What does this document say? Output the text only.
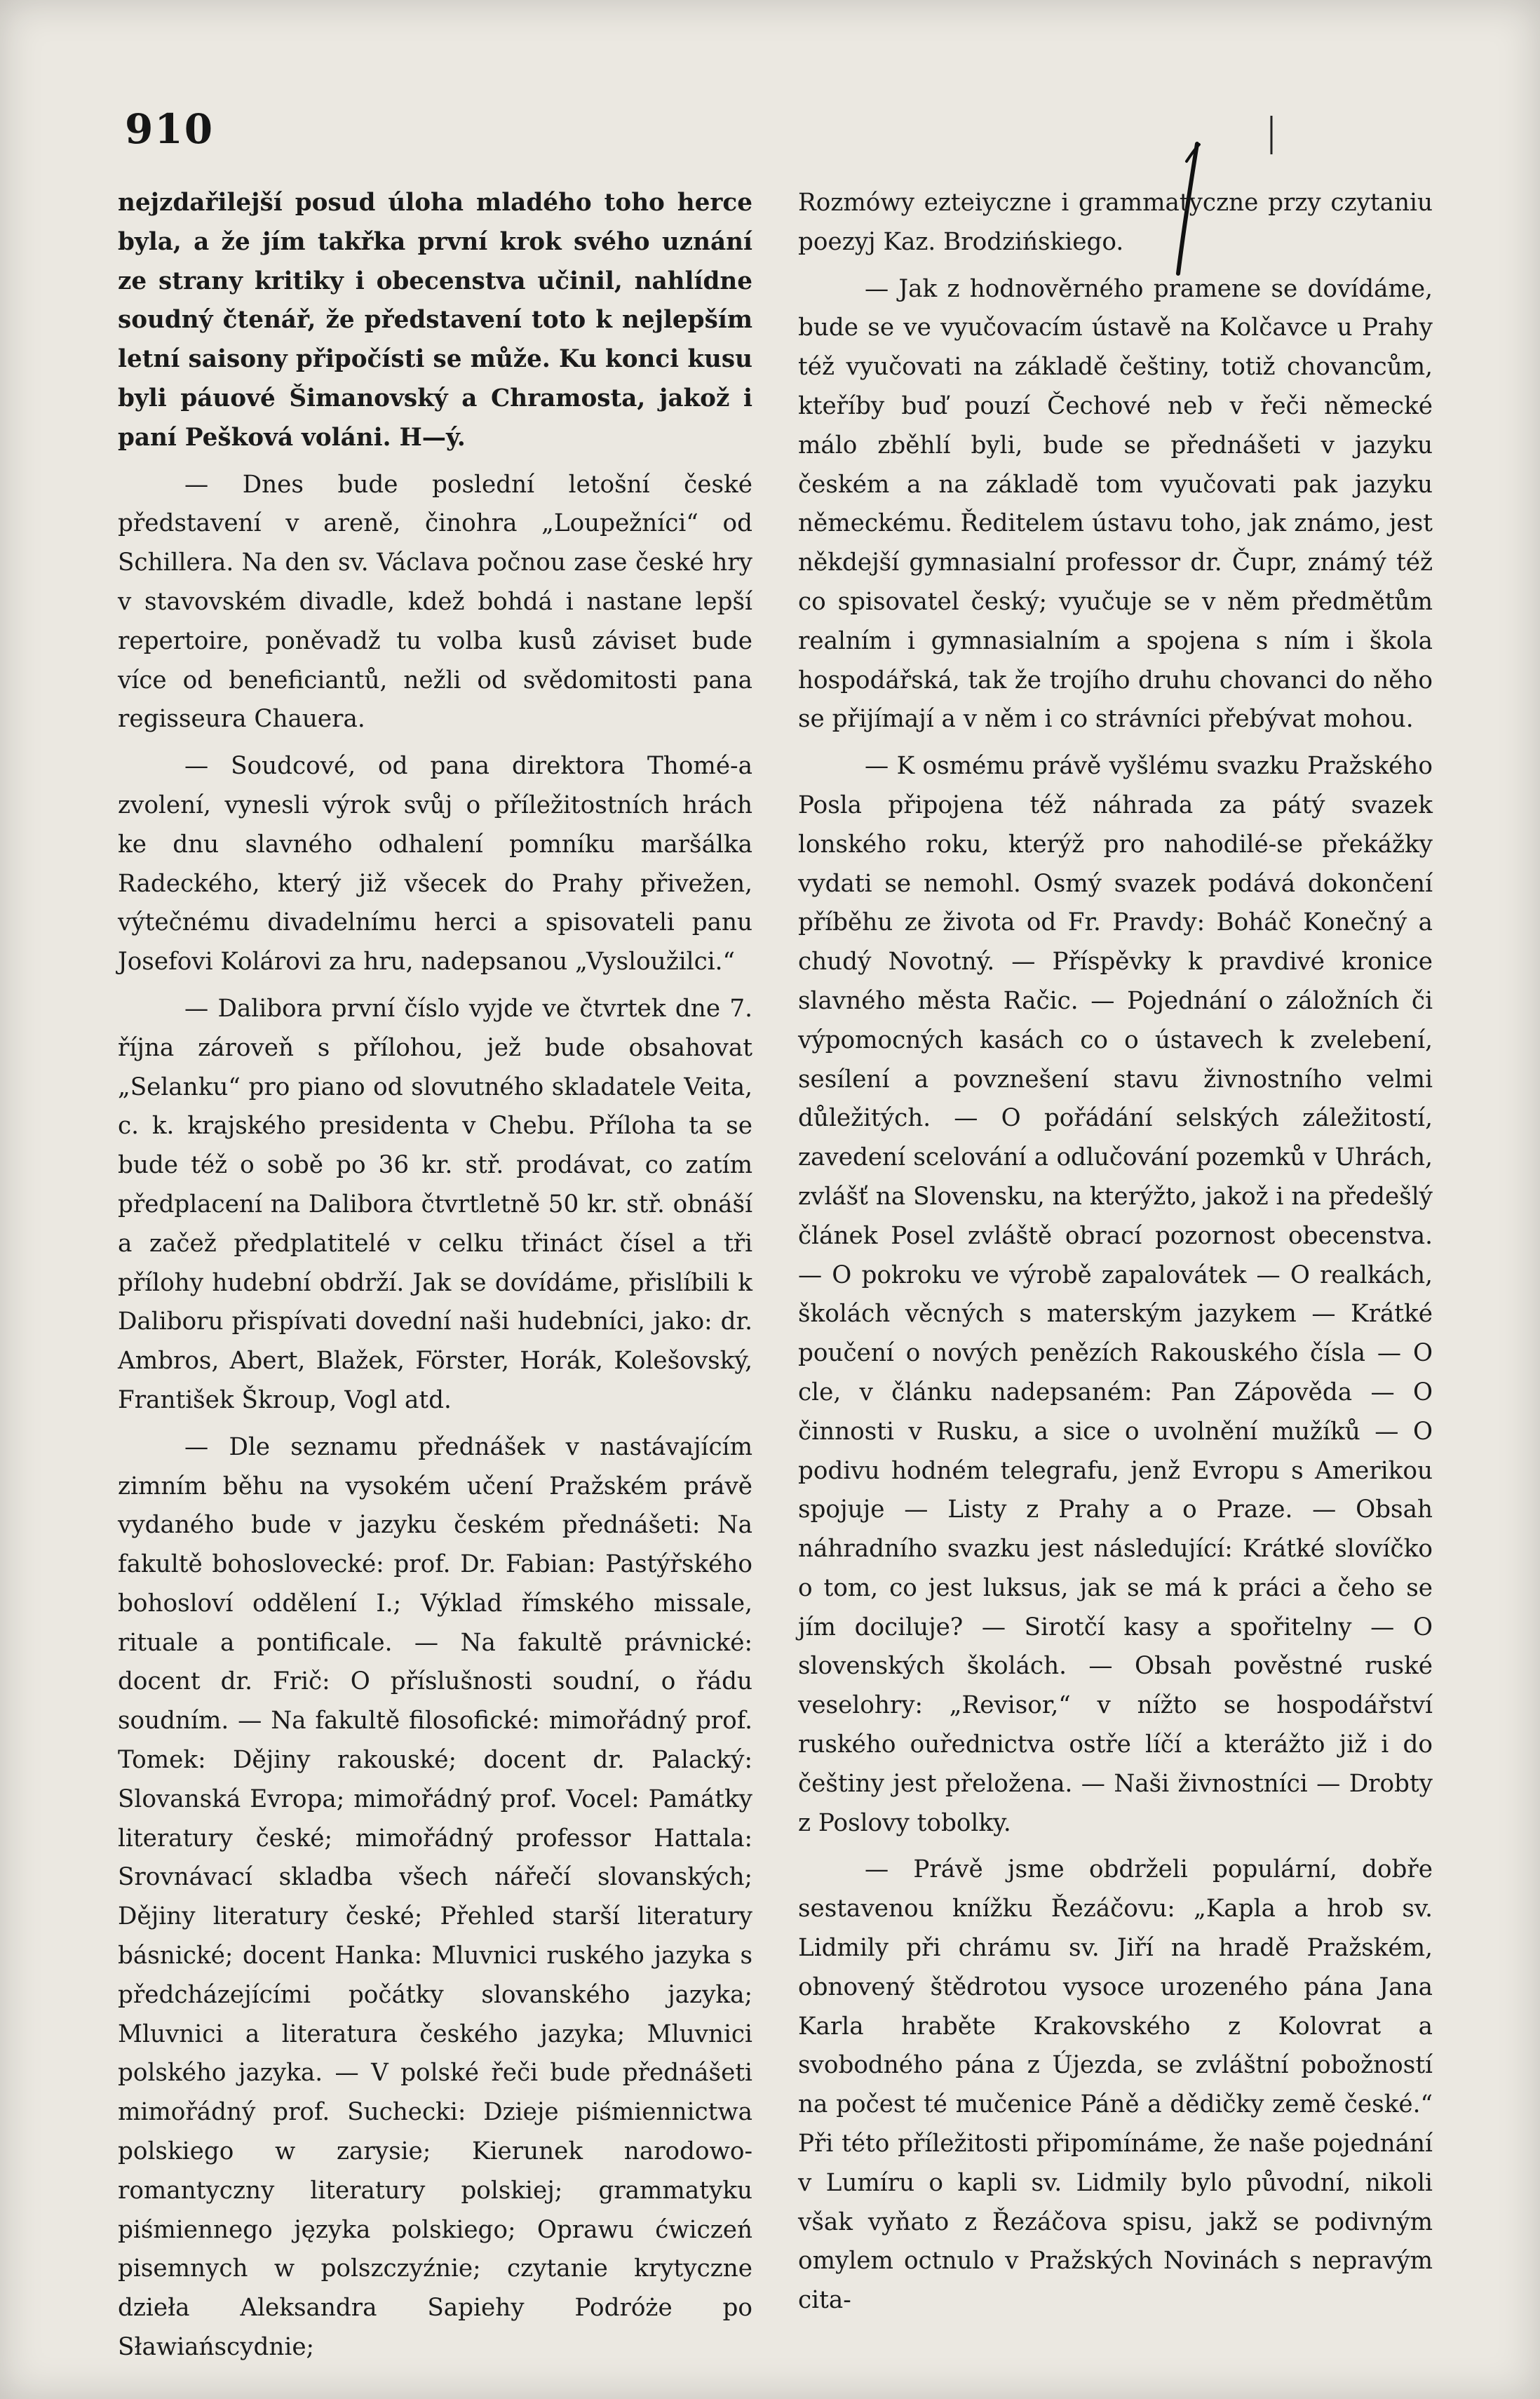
910

nejzdařilejší posud úloha mladého toho herce byla, a že jím takřka první krok svého uznání ze strany kritiky i obecenstva učinil, nahlídne soudný čtenář, že představení toto k nejlepším letní saisony připočísti se může. Ku konci kusu byli páuové Šimanovský a Chramosta, jakož i paní Pešková voláni. H—ý.

— Dnes bude poslední letošní české představení v areně, činohra „Loupežníci“ od Schillera. Na den sv. Václava počnou zase české hry v stavovském divadle, kdež bohdá i nastane lepší repertoire, poněvadž tu volba kusů záviset bude více od beneficiantů, nežli od svědomitosti pana regisseura Chauera.

— Soudcové, od pana direktora Thomé-a zvolení, vynesli výrok svůj o příležitostních hrách ke dnu slavného odhalení pomníku maršálka Radeckého, který již všecek do Prahy přivežen, výtečnému divadelnímu herci a spisovateli panu Josefovi Kolárovi za hru, nadepsanou „Vysloužilci.“

— Dalibora první číslo vyjde ve čtvrtek dne 7. října zároveň s přílohou, jež bude obsahovat „Selanku“ pro piano od slovutného skladatele Veita, c. k. krajského presidenta v Chebu. Příloha ta se bude též o sobě po 36 kr. stř. prodávat, co zatím předplacení na Dalibora čtvrtletně 50 kr. stř. obnáší a začež předplatitelé v celku třináct čísel a tři přílohy hudební obdrží. Jak se dovídáme, přislíbili k Daliboru přispívati dovední naši hudebníci, jako: dr. Ambros, Abert, Blažek, Förster, Horák, Kolešovský, František Škroup, Vogl atd.

— Dle seznamu přednášek v nastávajícím zimním běhu na vysokém učení Pražském právě vydaného bude v jazyku českém přednášeti: Na fakultě bohoslovecké: prof. Dr. Fabian: Pastýřského bohosloví oddělení I.; Výklad římského missale, rituale a pontificale. — Na fakultě právnické: docent dr. Frič: O příslušnosti soudní, o řádu soudním. — Na fakultě filosofické: mimořádný prof. Tomek: Dějiny rakouské; docent dr. Palacký: Slovanská Evropa; mimořádný prof. Vocel: Památky literatury české; mimořádný professor Hattala: Srovnávací skladba všech nářečí slovanských; Dějiny literatury české; Přehled starší literatury básnické; docent Hanka: Mluvnici ruského jazyka s předcházejícími počátky slovanského jazyka; Mluvnici a literatura českého jazyka; Mluvnici polského jazyka. — V polské řeči bude přednášeti mimořádný prof. Suchecki: Dzieje piśmiennictwa polskiego w zarysie; Kierunek narodowo-romantyczny literatury polskiej; grammatyku piśmiennego języka polskiego; Oprawu ćwiczeń pisemnych w polszczyźnie; czytanie krytyczne dzieła Aleksandra Sapiehy Podróże po Sławiańscydnie;

Rozmówy ezteiyczne i grammatyczne przy czytaniu poezyj Kaz. Brodzińskiego.

— Jak z hodnověrného pramene se dovídáme, bude se ve vyučovacím ústavě na Kolčavce u Prahy též vyučovati na základě češtiny, totiž chovancům, kteříby buď pouzí Čechové neb v řeči německé málo zběhlí byli, bude se přednášeti v jazyku českém a na základě tom vyučovati pak jazyku německému. Ředitelem ústavu toho, jak známo, jest někdejší gymnasialní professor dr. Čupr, známý též co spisovatel český; vyučuje se v něm předmětům realním i gymnasialním a spojena s ním i škola hospodářská, tak že trojího druhu chovanci do něho se přijímají a v něm i co strávníci přebývat mohou.

— K osmému právě vyšlému svazku Pražského Posla připojena též náhrada za pátý svazek lonského roku, kterýž pro nahodilé-se překážky vydati se nemohl. Osmý svazek podává dokončení příběhu ze života od Fr. Pravdy: Boháč Konečný a chudý Novotný. — Příspěvky k pravdivé kronice slavného města Račic. — Pojednání o záložních či výpomocných kasách co o ústavech k zvelebení, sesílení a povznešení stavu živnostního velmi důležitých. — O pořádání selských záležitostí, zavedení scelování a odlučování pozemků v Uhrách, zvlášť na Slovensku, na kterýžto, jakož i na předešlý článek Posel zvláště obrací pozornost obecenstva. — O pokroku ve výrobě zapalovátek — O realkách, školách věcných s materským jazykem — Krátké poučení o nových penězích Rakouského čísla — O cle, v článku nadepsaném: Pan Zápověda — O činnosti v Rusku, a sice o uvolnění mužíků — O podivu hodném telegrafu, jenž Evropu s Amerikou spojuje — Listy z Prahy a o Praze. — Obsah náhradního svazku jest následující: Krátké slovíčko o tom, co jest luksus, jak se má k práci a čeho se jím dociluje? — Sirotčí kasy a spořitelny — O slovenských školách. — Obsah pověstné ruské veselohry: „Revisor,“ v nížto se hospodářství ruského ouřednictva ostře líčí a kterážto již i do češtiny jest přeložena. — Naši živnostníci — Drobty z Poslovy tobolky.

— Právě jsme obdrželi populární, dobře sestavenou knížku Řezáčovu: „Kapla a hrob sv. Lidmily při chrámu sv. Jiří na hradě Pražském, obnovený štědrotou vysoce urozeného pána Jana Karla hraběte Krakovského z Kolovrat a svobodného pána z Újezda, se zvláštní pobožností na počest té mučenice Páně a dědičky země české.“ Při této příležitosti připomínáme, že naše pojednání v Lumíru o kapli sv. Lidmily bylo původní, nikoli však vyňato z Řezáčova spisu, jakž se podivným omylem octnulo v Pražských Novinách s nepravým cita-
